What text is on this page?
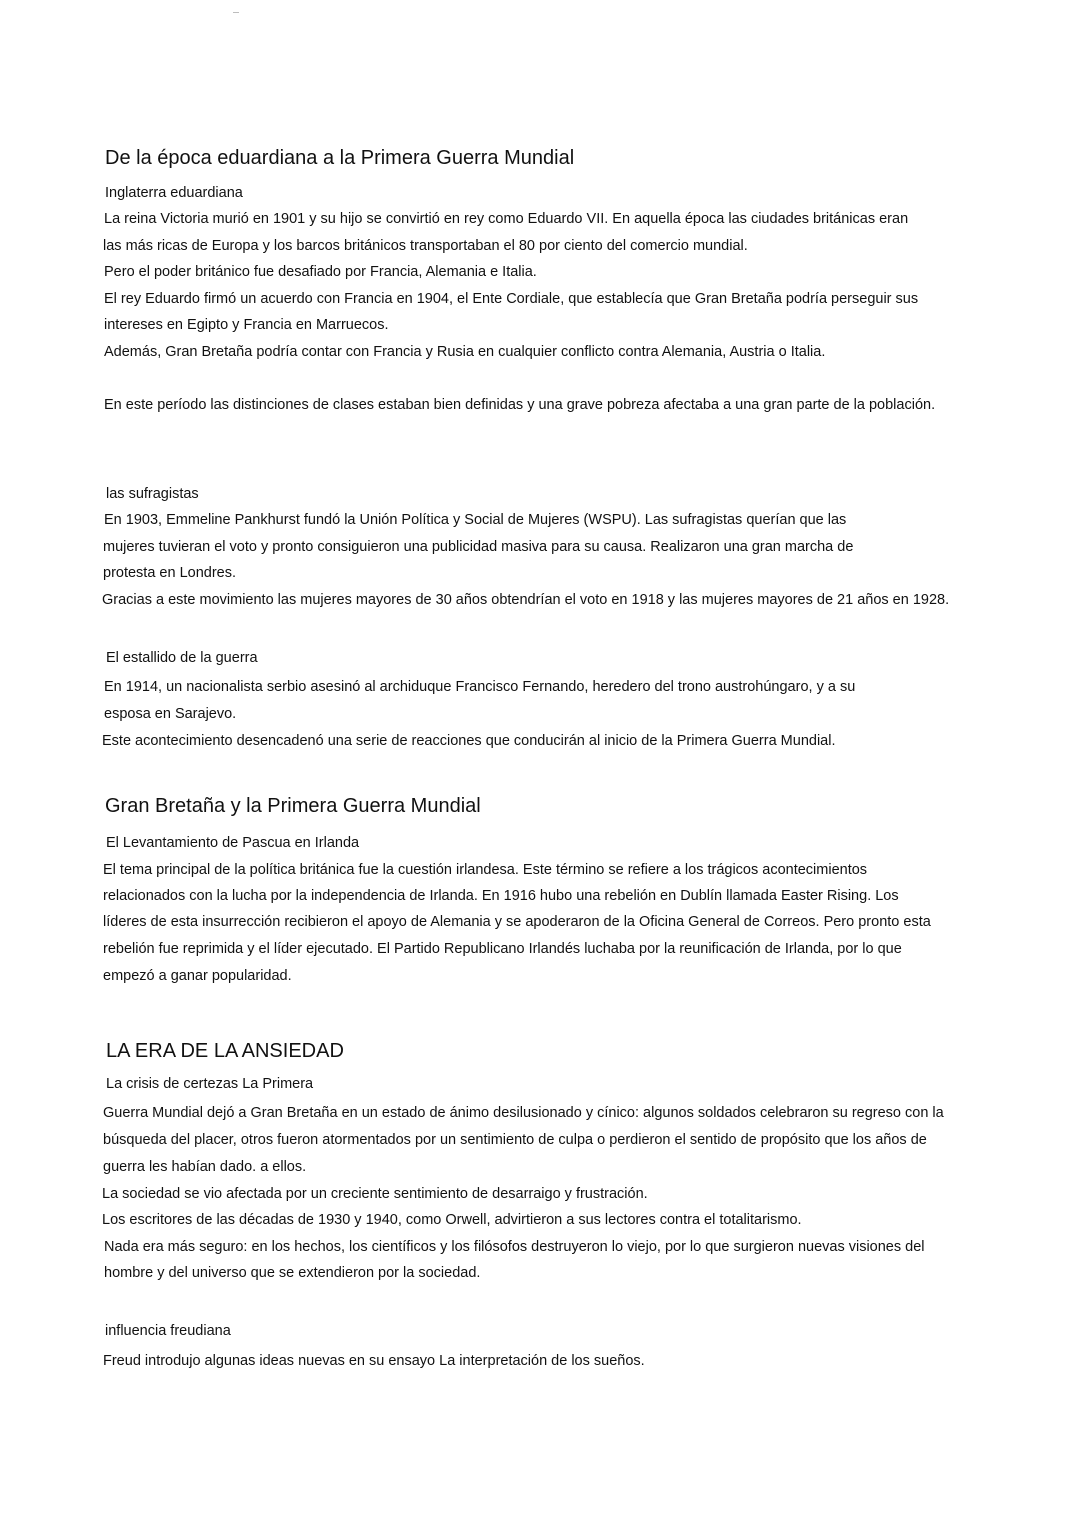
De la época eduardiana a la Primera Guerra Mundial
Inglaterra eduardiana
La reina Victoria murió en 1901 y su hijo se convirtió en rey como Eduardo VII. En aquella época las ciudades británicas eran
las más ricas de Europa y los barcos británicos transportaban el 80 por ciento del comercio mundial.
Pero el poder británico fue desafiado por Francia, Alemania e Italia.
El rey Eduardo firmó un acuerdo con Francia en 1904, el Ente Cordiale, que establecía que Gran Bretaña podría perseguir sus
intereses en Egipto y Francia en Marruecos.
Además, Gran Bretaña podría contar con Francia y Rusia en cualquier conflicto contra Alemania, Austria o Italia.
En este período las distinciones de clases estaban bien definidas y una grave pobreza afectaba a una gran parte de la población.
las sufragistas
En 1903, Emmeline Pankhurst fundó la Unión Política y Social de Mujeres (WSPU). Las sufragistas querían que las
mujeres tuvieran el voto y pronto consiguieron una publicidad masiva para su causa. Realizaron una gran marcha de
protesta en Londres.
Gracias a este movimiento las mujeres mayores de 30 años obtendrían el voto en 1918 y las mujeres mayores de 21 años en 1928.
El estallido de la guerra
En 1914, un nacionalista serbio asesinó al archiduque Francisco Fernando, heredero del trono austrohúngaro, y a su
esposa en Sarajevo.
Este acontecimiento desencadenó una serie de reacciones que conducirán al inicio de la Primera Guerra Mundial.
Gran Bretaña y la Primera Guerra Mundial
El Levantamiento de Pascua en Irlanda
El tema principal de la política británica fue la cuestión irlandesa. Este término se refiere a los trágicos acontecimientos
relacionados con la lucha por la independencia de Irlanda. En 1916 hubo una rebelión en Dublín llamada Easter Rising. Los
líderes de esta insurrección recibieron el apoyo de Alemania y se apoderaron de la Oficina General de Correos. Pero pronto esta
rebelión fue reprimida y el líder ejecutado. El Partido Republicano Irlandés luchaba por la reunificación de Irlanda, por lo que
empezó a ganar popularidad.
LA ERA DE LA ANSIEDAD
La crisis de certezas La Primera
Guerra Mundial dejó a Gran Bretaña en un estado de ánimo desilusionado y cínico: algunos soldados celebraron su regreso con la
búsqueda del placer, otros fueron atormentados por un sentimiento de culpa o perdieron el sentido de propósito que los años de
guerra les habían dado. a ellos.
La sociedad se vio afectada por un creciente sentimiento de desarraigo y frustración.
Los escritores de las décadas de 1930 y 1940, como Orwell, advirtieron a sus lectores contra el totalitarismo.
Nada era más seguro: en los hechos, los científicos y los filósofos destruyeron lo viejo, por lo que surgieron nuevas visiones del
hombre y del universo que se extendieron por la sociedad.
influencia freudiana
Freud introdujo algunas ideas nuevas en su ensayo La interpretación de los sueños.
